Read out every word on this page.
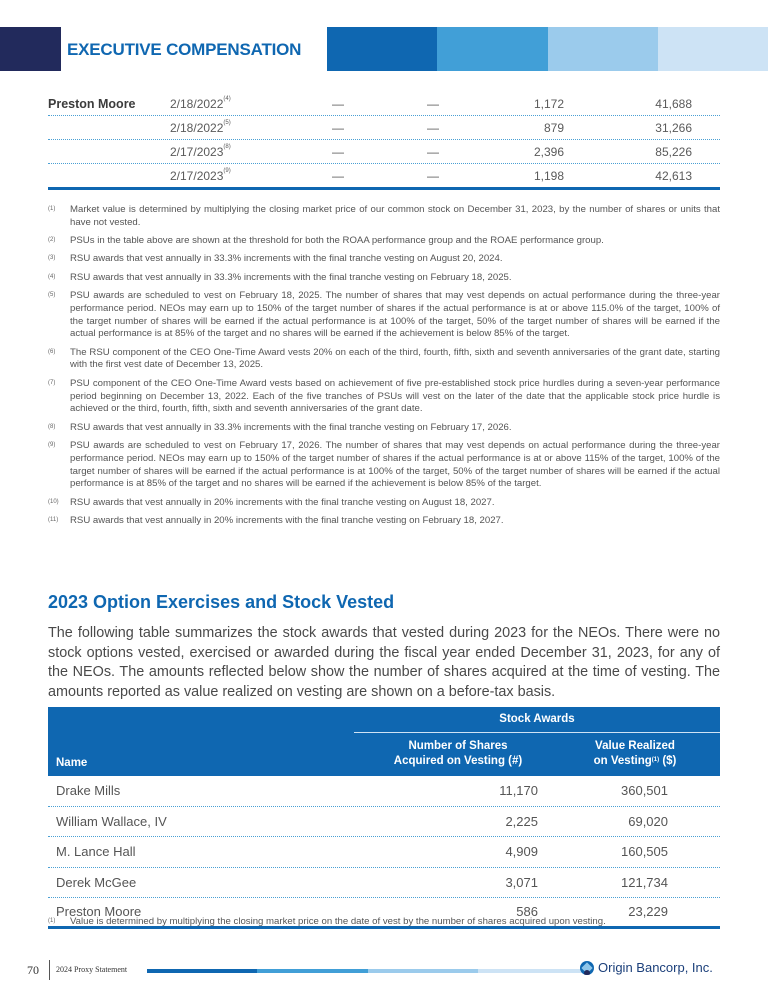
EXECUTIVE COMPENSATION
Preston Moore	2/18/2022$^{(4)}$	—	—	1,172	41,688
2/18/2022$^{(5)}$	—	—	879	31,266
2/17/2023$^{(8)}$	—	—	2,396	85,226
2/17/2023$^{(9)}$	—	—	1,198	42,613
(1)	Market value is determined by multiplying the closing market price of our common stock on December 31, 2023, by the number of shares or units that have not vested.
(2)	PSUs in the table above are shown at the threshold for both the ROAA performance group and the ROAE performance group.
(3)	RSU awards that vest annually in 33.3% increments with the final tranche vesting on August 20, 2024.
(4)	RSU awards that vest annually in 33.3% increments with the final tranche vesting on February 18, 2025.
(5)	PSU awards are scheduled to vest on February 18, 2025. The number of shares that may vest depends on actual performance during the three-year performance period. NEOs may earn up to 150% of the target number of shares if the actual performance is at or above 115.0% of the target, 100% of the target number of shares will be earned if the actual performance is at 100% of the target, 50% of the target number of shares will be earned if the actual performance is at 85% of the target and no shares will be earned if the achievement is below 85% of the target.
(6)	The RSU component of the CEO One-Time Award vests 20% on each of the third, fourth, fifth, sixth and seventh anniversaries of the grant date, starting with the first vest date of December 13, 2025.
(7)	PSU component of the CEO One-Time Award vests based on achievement of five pre-established stock price hurdles during a seven-year performance period beginning on December 13, 2022. Each of the five tranches of PSUs will vest on the later of the date that the applicable stock price hurdle is achieved or the third, fourth, fifth, sixth and seventh anniversaries of the grant date.
(8)	RSU awards that vest annually in 33.3% increments with the final tranche vesting on February 17, 2026.
(9)	PSU awards are scheduled to vest on February 17, 2026. The number of shares that may vest depends on actual performance during the three-year performance period. NEOs may earn up to 150% of the target number of shares if the actual performance is at or above 115% of the target, 100% of the target number of shares will be earned if the actual performance is at 100% of the target, 50% of the target number of shares will be earned if the actual performance is at 85% of the target and no shares will be earned if the achievement is below 85% of the target.
(10)	RSU awards that vest annually in 20% increments with the final tranche vesting on August 18, 2027.
(11)	RSU awards that vest annually in 20% increments with the final tranche vesting on February 18, 2027.
2023 Option Exercises and Stock Vested
The following table summarizes the stock awards that vested during 2023 for the NEOs. There were no stock options vested, exercised or awarded during the fiscal year ended December 31, 2023, for any of the NEOs. The amounts reflected below show the number of shares acquired at the time of vesting. The amounts reported as value realized on vesting are shown on a before-tax basis.
Stock Awards
Name
Number of Shares
Acquired on Vesting (#)
Value Realized
on Vesting$^{(1)}$ ($)
Drake Mills	11,170	360,501
William Wallace, IV	2,225	69,020
M. Lance Hall	4,909	160,505
Derek McGee	3,071	121,734
Preston Moore	586	23,229
(1)	Value is determined by multiplying the closing market price on the date of vest by the number of shares acquired upon vesting.
70 2024 Proxy Statement	Origin Bancorp, Inc.
